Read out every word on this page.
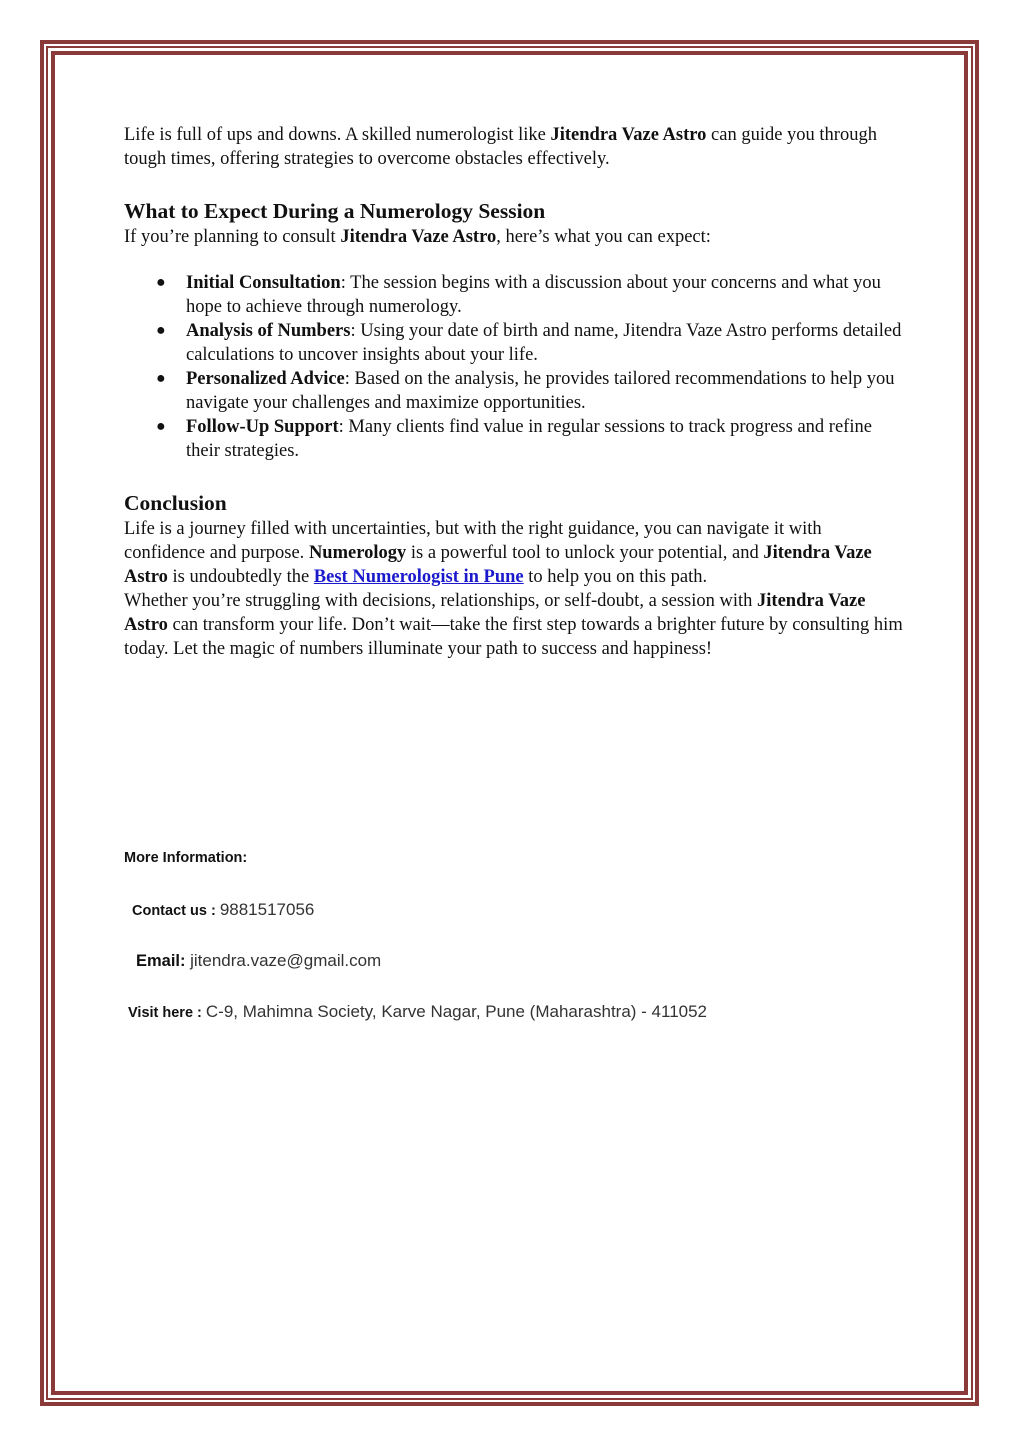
Life is full of ups and downs. A skilled numerologist like Jitendra Vaze Astro can guide you through tough times, offering strategies to overcome obstacles effectively.

What to Expect During a Numerology Session

If you’re planning to consult Jitendra Vaze Astro, here’s what you can expect:

● Initial Consultation: The session begins with a discussion about your concerns and what you hope to achieve through numerology.
● Analysis of Numbers: Using your date of birth and name, Jitendra Vaze Astro performs detailed calculations to uncover insights about your life.
● Personalized Advice: Based on the analysis, he provides tailored recommendations to help you navigate your challenges and maximize opportunities.
● Follow-Up Support: Many clients find value in regular sessions to track progress and refine their strategies.
Conclusion

Life is a journey filled with uncertainties, but with the right guidance, you can navigate it with confidence and purpose. Numerology is a powerful tool to unlock your potential, and Jitendra Vaze Astro is undoubtedly the Best Numerologist in Pune to help you on this path.

Whether you’re struggling with decisions, relationships, or self-doubt, a session with Jitendra Vaze Astro can transform your life. Don’t wait—take the first step towards a brighter future by consulting him today. Let the magic of numbers illuminate your path to success and happiness!

More Information:
Contact us : 9881517056
Email: jitendra.vaze@gmail.com
Visit here : C-9, Mahimna Society, Karve Nagar, Pune (Maharashtra) - 411052
